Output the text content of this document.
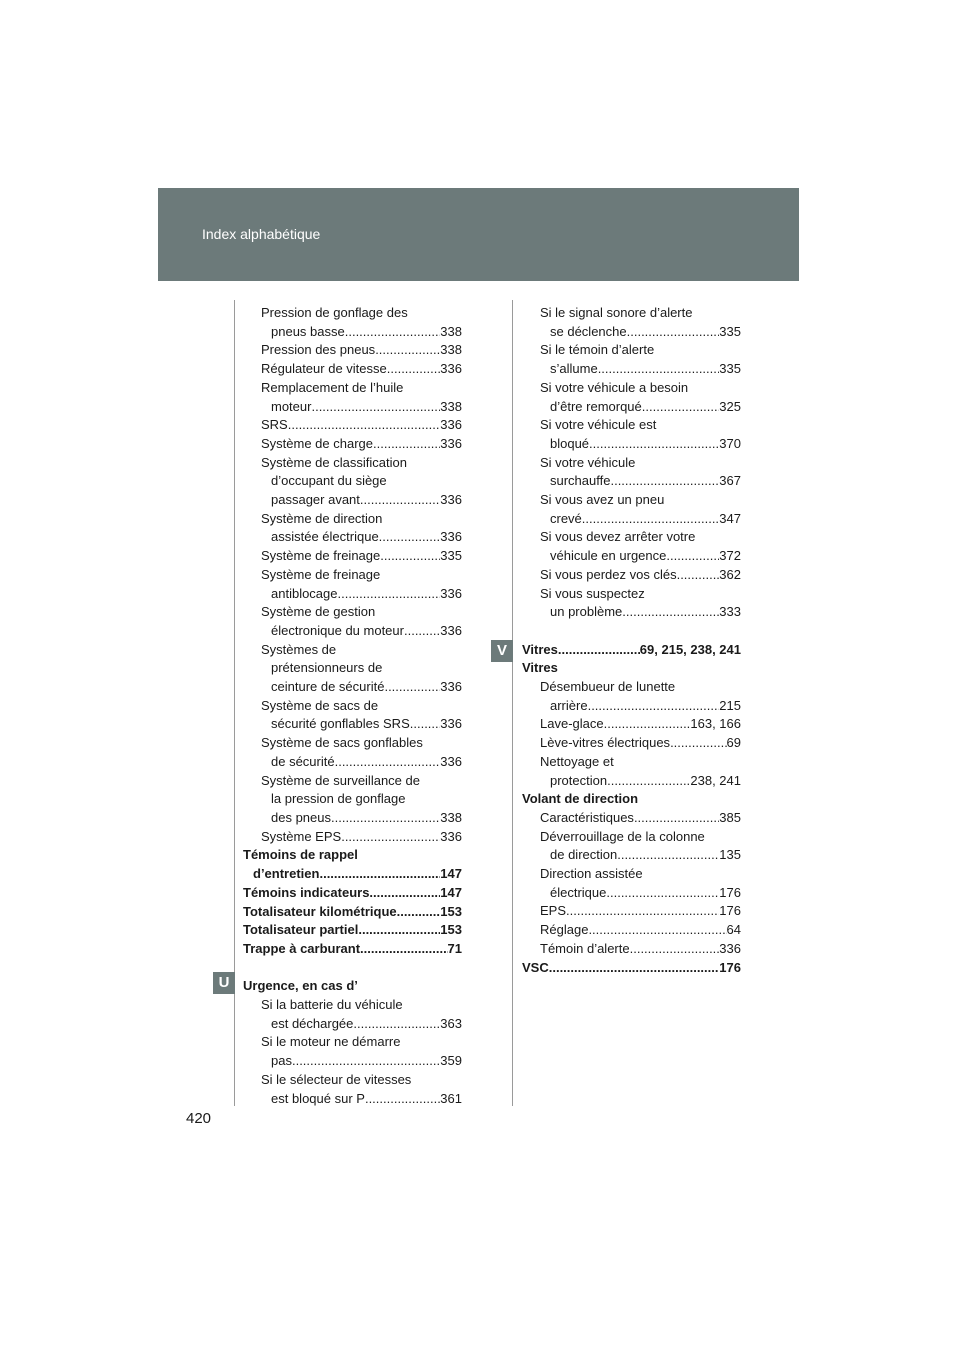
Index alphabétique
U
V
Pression de gonflage des
pneus basse .....	338
Pression des pneus .....	338
Régulateur de vitesse .....	336
Remplacement de l’huile
moteur .....	338
SRS .....	336
Système de charge .....	336
Système de classification
d’occupant du siège
passager avant .....	336
Système de direction
assistée électrique .....	336
Système de freinage .....	335
Système de freinage
antiblocage .....	336
Système de gestion
électronique du moteur .....	336
Systèmes de
prétensionneurs de
ceinture de sécurité .....	336
Système de sacs de
sécurité gonflables SRS ..... 336
Système de sacs gonflables
de sécurité .....	336
Système de surveillance de
la pression de gonflage
des pneus .....	338
Système EPS .....	336
Témoins de rappel
d’entretien .....	147
Témoins indicateurs .....	147
Totalisateur kilométrique .....	153
Totalisateur partiel .....	153
Trappe à carburant .....	71
Urgence, en cas d’
Si la batterie du véhicule
est déchargée .....	363
Si le moteur ne démarre
pas .....	359
Si le sélecteur de vitesses
est bloqué sur P .....	361
Si le signal sonore d’alerte
se déclenche .....	335
Si le témoin d’alerte
s’allume .....	335
Si votre véhicule a besoin
d’être remorqué .....	325
Si votre véhicule est
bloqué .....	370
Si votre véhicule
surchauffe .....	367
Si vous avez un pneu
crevé .....	347
Si vous devez arrêter votre
véhicule en urgence .....	372
Si vous perdez vos clés .....	362
Si vous suspectez
un problème .....	333
Vitres .....	69, 215, 238, 241
Vitres
Désembueur de lunette
arrière .....	215
Lave-glace .....	163, 166
Lève-vitres électriques .....	69
Nettoyage et
protection .....	238, 241
Volant de direction
Caractéristiques .....	385
Déverrouillage de la colonne
de direction .....	135
Direction assistée
électrique .....	176
EPS .....	176
Réglage .....	64
Témoin d’alerte .....	336
VSC .....	176
420
